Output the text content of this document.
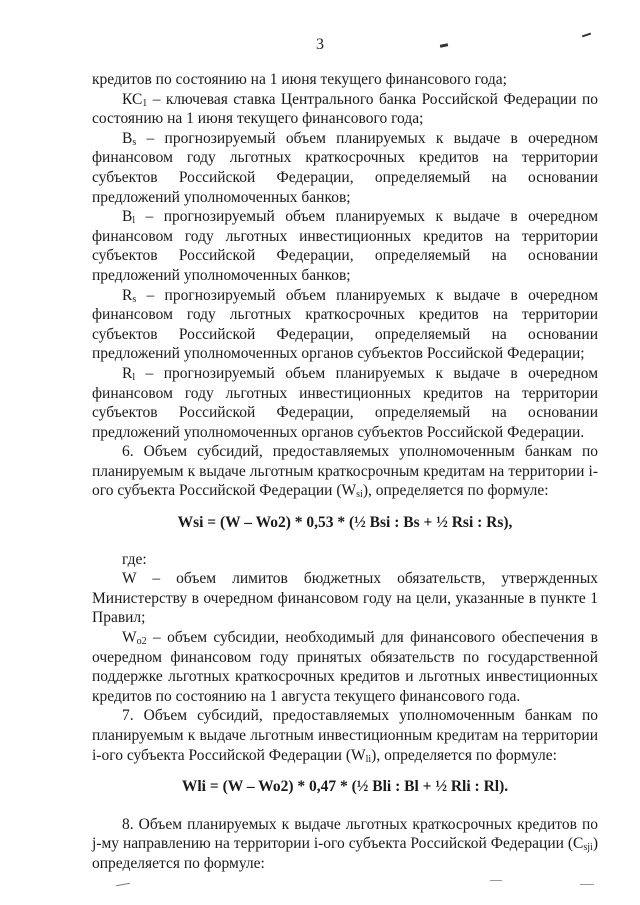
3

кредитов по состоянию на 1 июня текущего финансового года;

$КС_1$ – ключевая ставка Центрального банка Российской Федерации по состоянию на 1 июня текущего финансового года;

$В_s$ – прогнозируемый объем планируемых к выдаче в очередном финансовом году льготных краткосрочных кредитов на территории субъектов Российской Федерации, определяемый на основании предложений уполномоченных банков;

$В_l$ – прогнозируемый объем планируемых к выдаче в очередном финансовом году льготных инвестиционных кредитов на территории субъектов Российской Федерации, определяемый на основании предложений уполномоченных банков;

$R_s$ – прогнозируемый объем планируемых к выдаче в очередном финансовом году льготных краткосрочных кредитов на территории субъектов Российской Федерации, определяемый на основании предложений уполномоченных органов субъектов Российской Федерации;

$R_l$ – прогнозируемый объем планируемых к выдаче в очередном финансовом году льготных инвестиционных кредитов на территории субъектов Российской Федерации, определяемый на основании предложений уполномоченных органов субъектов Российской Федерации.

6. Объем субсидий, предоставляемых уполномоченным банкам по планируемым к выдаче льготным краткосрочным кредитам на территории i-ого субъекта Российской Федерации $(W_{si})$, определяется по формуле:

Wsi = (W – Wo2) * 0,53 * (½ Bsi : Bs + ½ Rsi : Rs),

где:

W – объем лимитов бюджетных обязательств, утвержденных Министерству в очередном финансовом году на цели, указанные в пункте 1 Правил;

$W_{о2}$ – объем субсидии, необходимый для финансового обеспечения в очередном финансовом году принятых обязательств по государственной поддержке льготных краткосрочных кредитов и льготных инвестиционных кредитов по состоянию на 1 августа текущего финансового года.

7. Объем субсидий, предоставляемых уполномоченным банкам по планируемым к выдаче льготным инвестиционным кредитам на территории i-ого субъекта Российской Федерации $(W_{li})$, определяется по формуле:

Wli = (W – Wo2) * 0,47 * (½ Bli : Bl + ½ Rli : Rl).

8. Объем планируемых к выдаче льготных краткосрочных кредитов по j-му направлению на территории i-ого субъекта Российской Федерации $(С_{sji})$ определяется по формуле:
